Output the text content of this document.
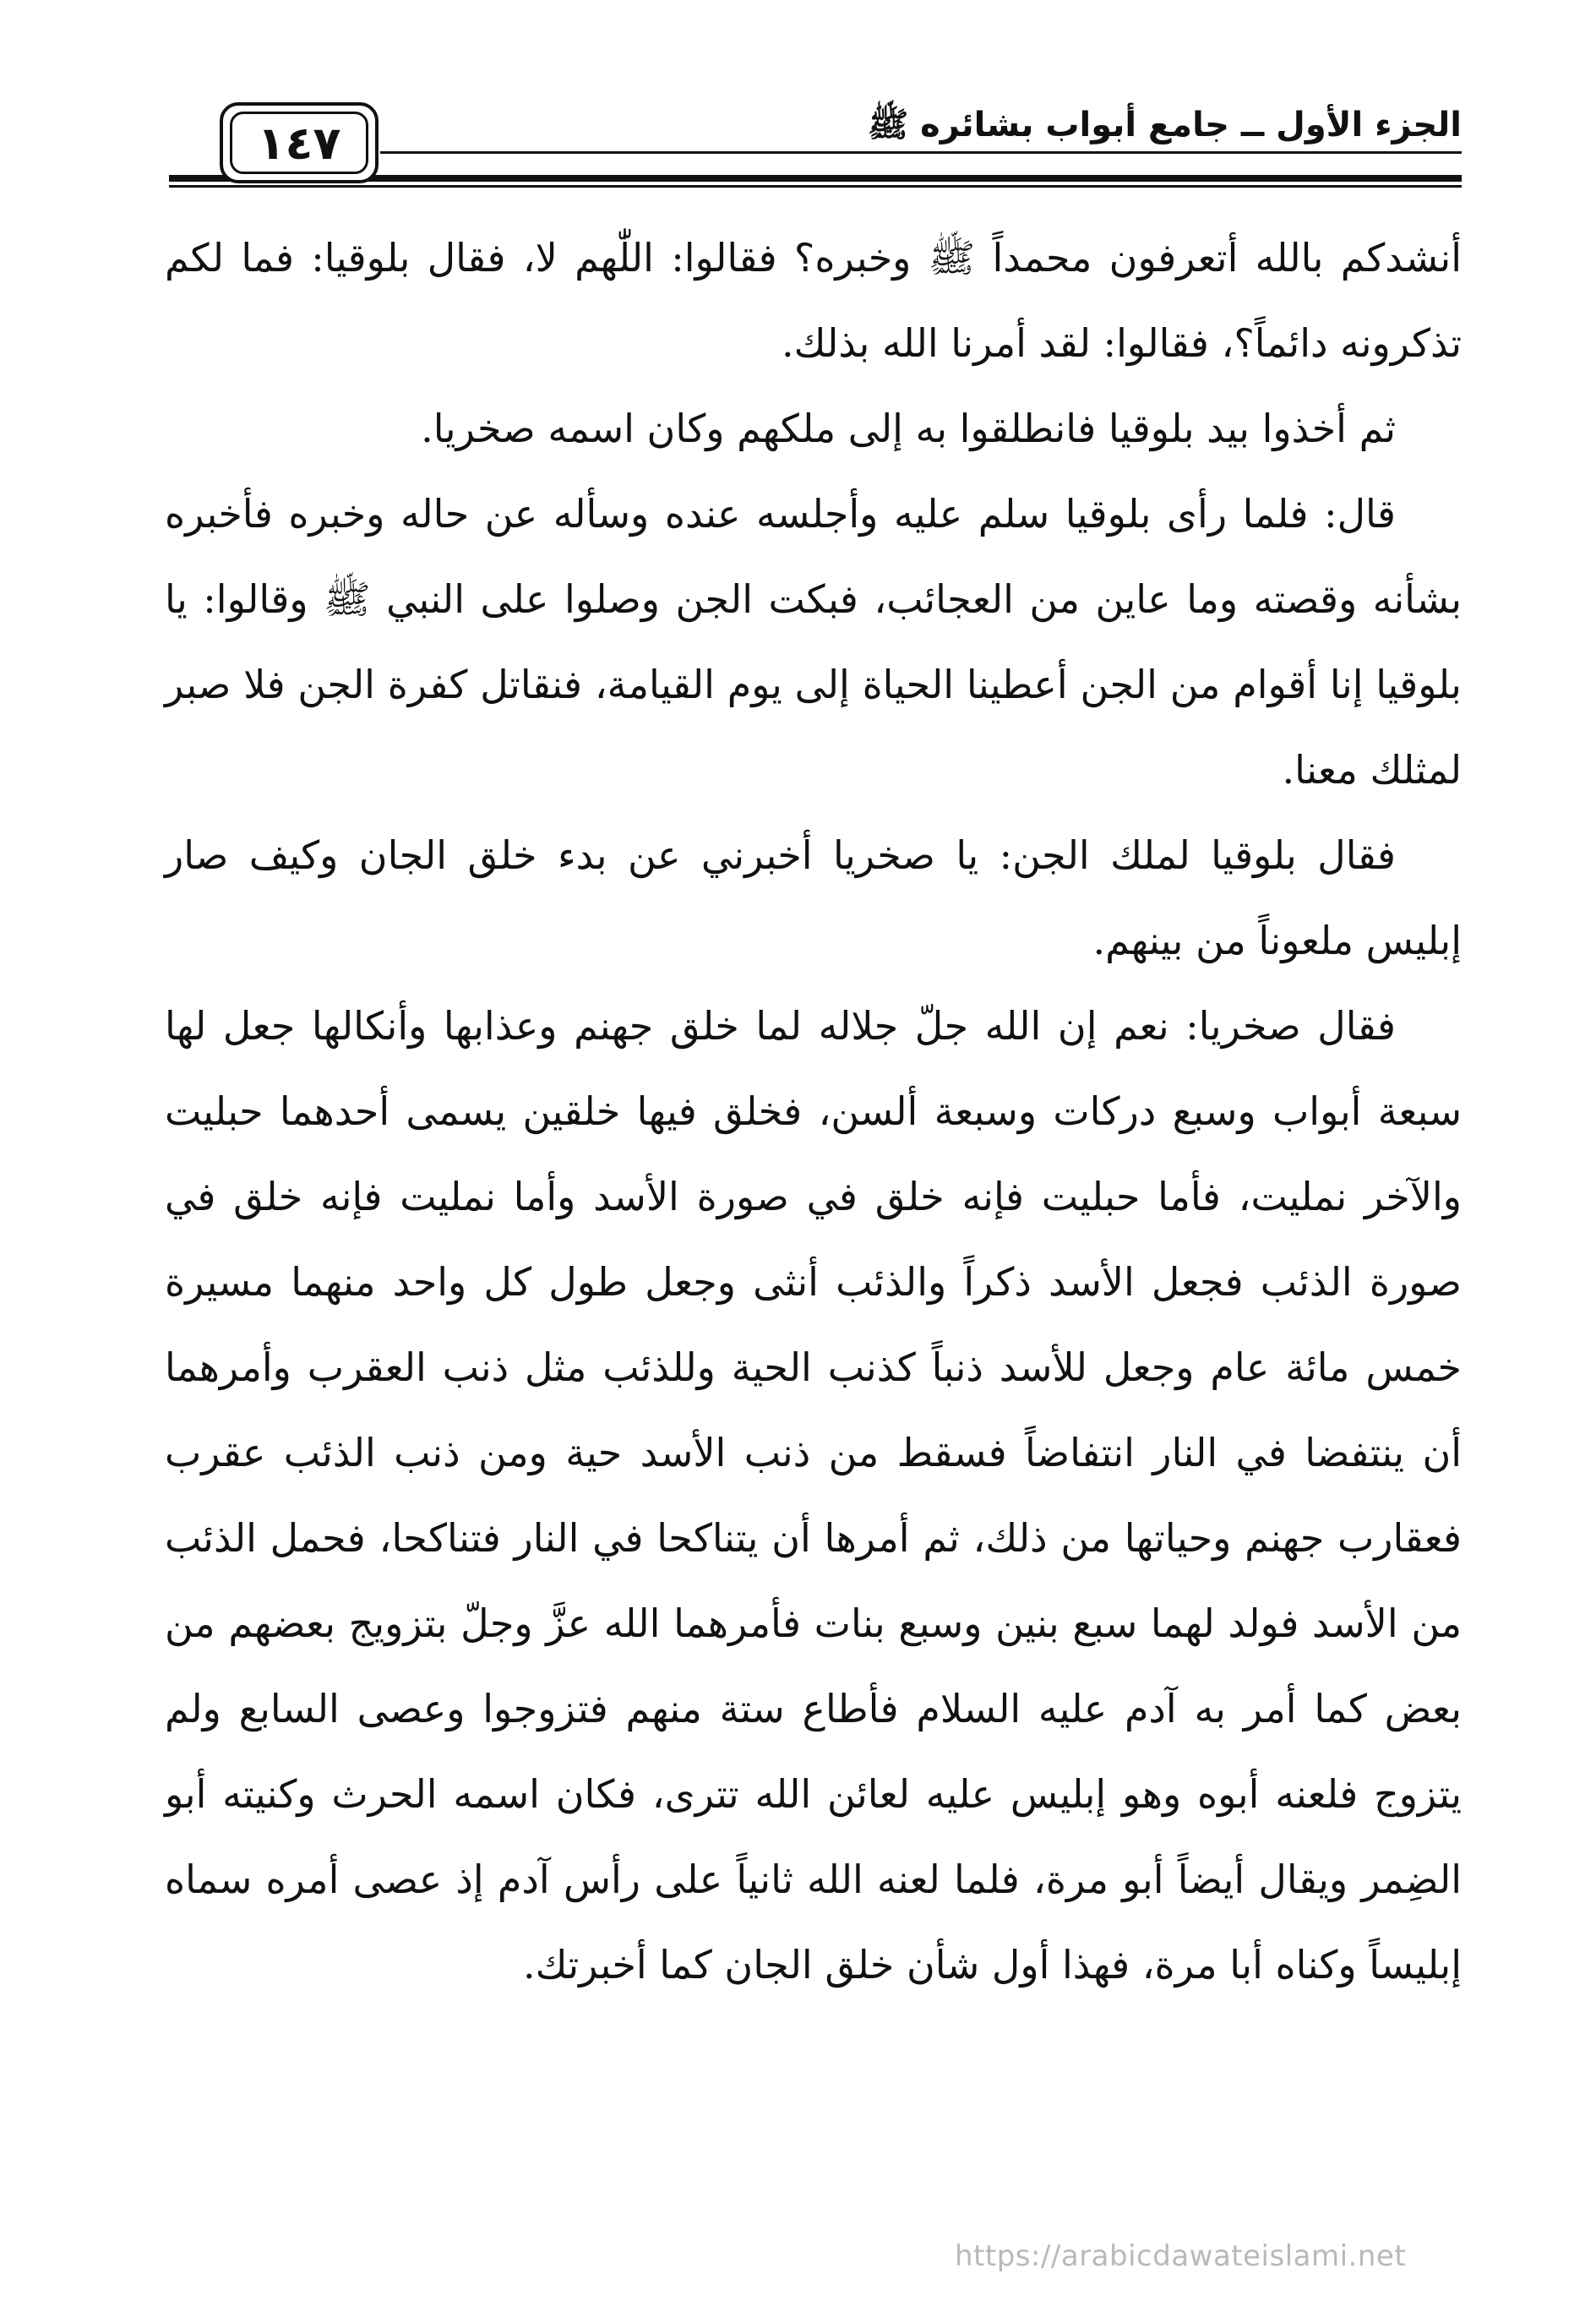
الجزء الأول ــ جامع أبواب بشائره ﷺ
١٤٧

أنشدكم بالله أتعرفون محمداً ﷺ وخبره؟ فقالوا: اللّٰهم لا، فقال بلوقيا: فما لكم تذكرونه دائماً؟، فقالوا: لقد أمرنا الله بذلك.

ثم أخذوا بيد بلوقيا فانطلقوا به إلى ملكهم وكان اسمه صخريا.

قال: فلما رأى بلوقيا سلم عليه وأجلسه عنده وسأله عن حاله وخبره فأخبره بشأنه وقصته وما عاين من العجائب، فبكت الجن وصلوا على النبي ﷺ وقالوا: يا بلوقيا إنا أقوام من الجن أعطينا الحياة إلى يوم القيامة، فنقاتل كفرة الجن فلا صبر لمثلك معنا.

فقال بلوقيا لملك الجن: يا صخريا أخبرني عن بدء خلق الجان وكيف صار إبليس ملعوناً من بينهم.

فقال صخريا: نعم إن الله جلّ جلاله لما خلق جهنم وعذابها وأنكالها جعل لها سبعة أبواب وسبع دركات وسبعة ألسن، فخلق فيها خلقين يسمى أحدهما حبليت والآخر نمليت، فأما حبليت فإنه خلق في صورة الأسد وأما نمليت فإنه خلق في صورة الذئب فجعل الأسد ذكراً والذئب أنثى وجعل طول كل واحد منهما مسيرة خمس مائة عام وجعل للأسد ذنباً كذنب الحية وللذئب مثل ذنب العقرب وأمرهما أن ينتفضا في النار انتفاضاً فسقط من ذنب الأسد حية ومن ذنب الذئب عقرب فعقارب جهنم وحياتها من ذلك، ثم أمرها أن يتناكحا في النار فتناكحا، فحمل الذئب من الأسد فولد لهما سبع بنين وسبع بنات فأمرهما الله عزَّ وجلّ بتزويج بعضهم من بعض كما أمر به آدم عليه السلام فأطاع ستة منهم فتزوجوا وعصى السابع ولم يتزوج فلعنه أبوه وهو إبليس عليه لعائن الله تترى، فكان اسمه الحرث وكنيته أبو الضِمر ويقال أيضاً أبو مرة، فلما لعنه الله ثانياً على رأس آدم إذ عصى أمره سماه إبليساً وكناه أبا مرة، فهذا أول شأن خلق الجان كما أخبرتك.

https://arabicdawateislami.net
